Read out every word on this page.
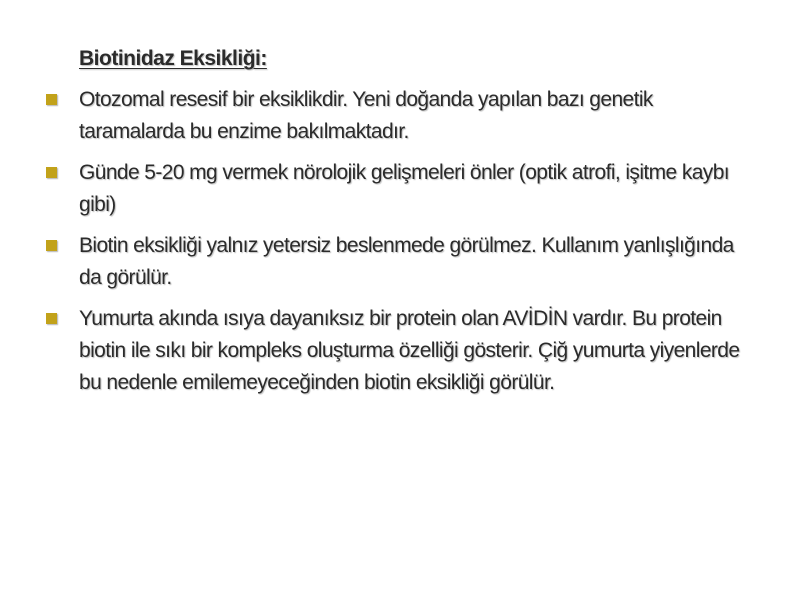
Biotinidaz Eksikliği:
Otozomal resesif bir eksiklikdir. Yeni doğanda yapılan bazı genetik taramalarda bu enzime bakılmaktadır.
Günde 5-20 mg vermek nörolojik gelişmeleri önler (optik atrofi, işitme kaybı gibi)
Biotin eksikliği yalnız yetersiz beslenmede görülmez. Kullanım yanlışlığında da görülür.
Yumurta akında ısıya dayanıksız bir protein olan AVİDİN vardır. Bu protein biotin ile sıkı bir kompleks oluşturma özelliği gösterir. Çiğ yumurta yiyenlerde bu nedenle emilemeyeceğinden biotin eksikliği görülür.
